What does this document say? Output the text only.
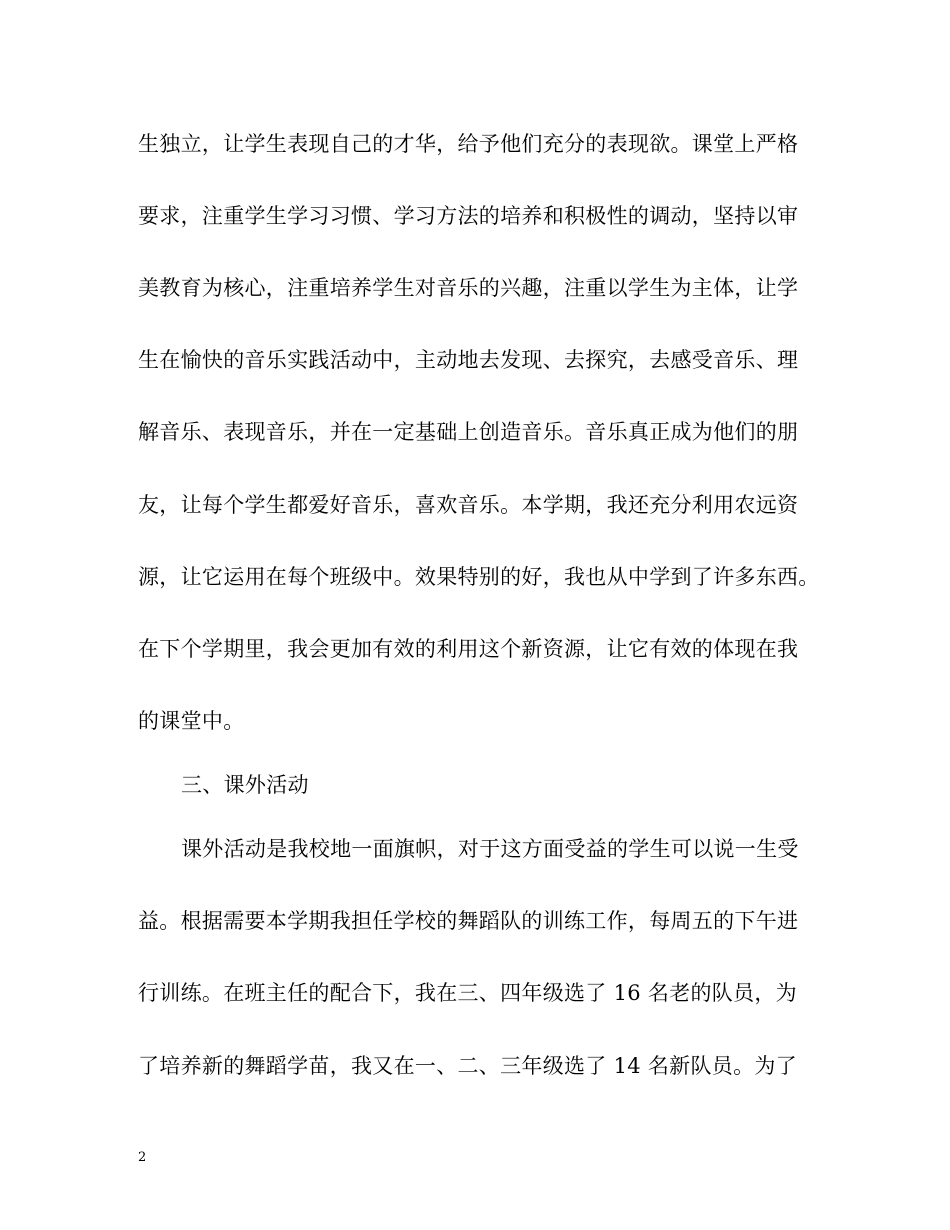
生独立，让学生表现自己的才华，给予他们充分的表现欲。课堂上严格
要求，注重学生学习习惯、学习方法的培养和积极性的调动，坚持以审
美教育为核心，注重培养学生对音乐的兴趣，注重以学生为主体，让学
生在愉快的音乐实践活动中，主动地去发现、去探究，去感受音乐、理
解音乐、表现音乐，并在一定基础上创造音乐。音乐真正成为他们的朋
友，让每个学生都爱好音乐，喜欢音乐。本学期，我还充分利用农远资
源，让它运用在每个班级中。效果特别的好，我也从中学到了许多东西。
在下个学期里，我会更加有效的利用这个新资源，让它有效的体现在我
的课堂中。
三、课外活动
课外活动是我校地一面旗帜，对于这方面受益的学生可以说一生受
益。根据需要本学期我担任学校的舞蹈队的训练工作，每周五的下午进
行训练。在班主任的配合下，我在三、四年级选了 16 名老的队员，为
了培养新的舞蹈学苗，我又在一、二、三年级选了 14 名新队员。为了
2
